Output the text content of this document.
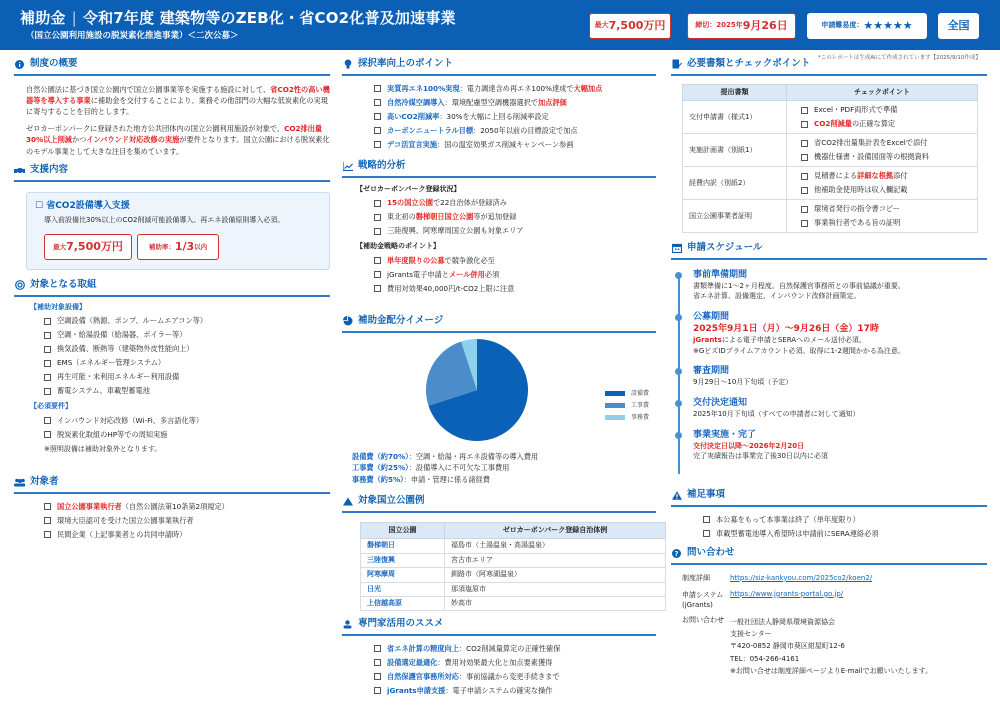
補助金 | 令和7年度 建築物等のZEB化・省CO2化普及加速事業
（国立公園利用施設の脱炭素化推進事業）＜二次公募＞
最大 7,500万円	締切：2025年 9月26日	申請難易度： ★★★★★	全国
*このレポートは生成AIにて作成されています【2025/9/10作成】
制度の概要
自然公園法に基づき国立公園内で国立公園事業等を実施する施設に対して、省CO2性の高い機器等を導入する事業に補助金を交付することにより、業務その他部門の大幅な低炭素化の実現に寄与することを目的とします。
ゼロカーボンパークに登録された地方公共団体内の国立公園利用施設が対象で、CO2排出量30%以上削減かつインバウンド対応改修の実施が要件となります。国立公園における脱炭素化のモデル事業として大きな注目を集めています。
支援内容
☐ 省CO2設備導入支援
導入前設備比30%以上のCO2削減可能設備導入、再エネ設備原則導入必須。
最大 7,500万円	補助率： 1/3 以内
対象となる取組
【補助対象設備】
空調設備（熱源、ポンプ、ルームエアコン等）
空調・給湯設備（給湯器、ボイラー等）
換気設備、断熱等（建築物外皮性能向上）
EMS（エネルギー管理システム）
再生可能・未利用エネルギー利用設備
蓄電システム、車載型蓄電池
【必須要件】
インバウンド対応改修（Wi-Fi、多言語化等）
脱炭素化取組のHP等での周知実施
※照明設備は補助対象外となります。
対象者
国立公園事業執行者（自然公園法第10条第2項規定）
環境大臣認可を受けた国立公園事業執行者
民間企業（上記事業者との共同申請時）
採択率向上のポイント
実質再エネ100%実現：電力調達含め再エネ100%達成で大幅加点
自然冷媒空調導入：環境配慮型空調機器選択で加点評価
高いCO2削減率：30%を大幅に上回る削減率設定
カーボンニュートラル目標：2050年以前の目標設定で加点
デコ活宣言実施：国の温室効果ガス削減キャンペーン参画
戦略的分析
【ゼロカーボンパーク登録状況】
15の国立公園で22自治体が登録済み
東北初の磐梯朝日国立公園等が追加登録
三陸復興、阿寒摩周国立公園も対象エリア
【補助金戦略のポイント】
単年度限りの公募で競争激化必至
jGrants電子申請とメール併用必須
費用対効果40,000円/t-CO2上限に注意
補助金配分イメージ
設備費
工事費
事務費
設備費（約70%）：空調・給湯・再エネ設備等の導入費用
工事費（約25%）：設備導入に不可欠な工事費用
事務費（約5%）：申請・管理に係る諸経費
対象国立公園例
国立公園	ゼロカーボンパーク登録自治体例
磐梯朝日	福島市（土湯温泉・高湯温泉）
三陸復興	宮古市エリア
阿寒摩周	釧路市（阿寒湖温泉）
日光	那須塩原市
上信越高原	妙高市
専門家活用のススメ
省エネ計算の精度向上：CO2削減量算定の正確性確保
設備選定最適化：費用対効果最大化と加点要素獲得
自然保護官事務所対応：事前協議から変更手続きまで
jGrants申請支援：電子申請システムの確実な操作
必要書類とチェックポイント
提出書類	チェックポイント
交付申請書（様式1）	Excel・PDF両形式で準備
CO2削減量の正確な算定

実施計画書（別紙1）	省CO2排出量集計表をExcelで添付
機器仕様書・設備図面等の根拠資料

経費内訳（別紙2）	見積書による詳細な根拠添付
他補助金使用時は収入欄記載

国立公園事業者証明	環境省発行の指令書コピー
事業執行者である旨の証明
申請スケジュール
事前準備期間
書類準備に1〜2ヶ月程度。自然保護官事務所との事前協議が重要。
省エネ計算、設備選定、インバウンド改修計画策定。
公募期間
2025年9月1日（月）〜9月26日（金）17時
jGrantsによる電子申請とSERAへのメール送付必須。
※GビズIDプライムアカウント必須。取得に1-2週間かかる為注意。
審査期間
9月29日〜10月下旬頃（予定）
交付決定通知
2025年10月下旬頃（すべての申請者に対して通知）
事業実施・完了
交付決定日以降〜2026年2月20日
完了実績報告は事業完了後30日以内に必須
補足事項
本公募をもって本事業は終了（単年度限り）
車載型蓄電池導入希望時は申請前にSERA連絡必須
? 問い合わせ
制度詳細	https://siz-kankyou.com/2025co2/koen2/
申請システム
(jGrants)
https://www.jgrants-portal.go.jp/
お問い合わせ 一般社団法人静岡県環境資源協会
支援センター
〒420-0852 静岡市葵区紺屋町12-6
TEL：054-266-4161
※お問い合せは制度詳細ページよりE-mailでお願いいたします。
